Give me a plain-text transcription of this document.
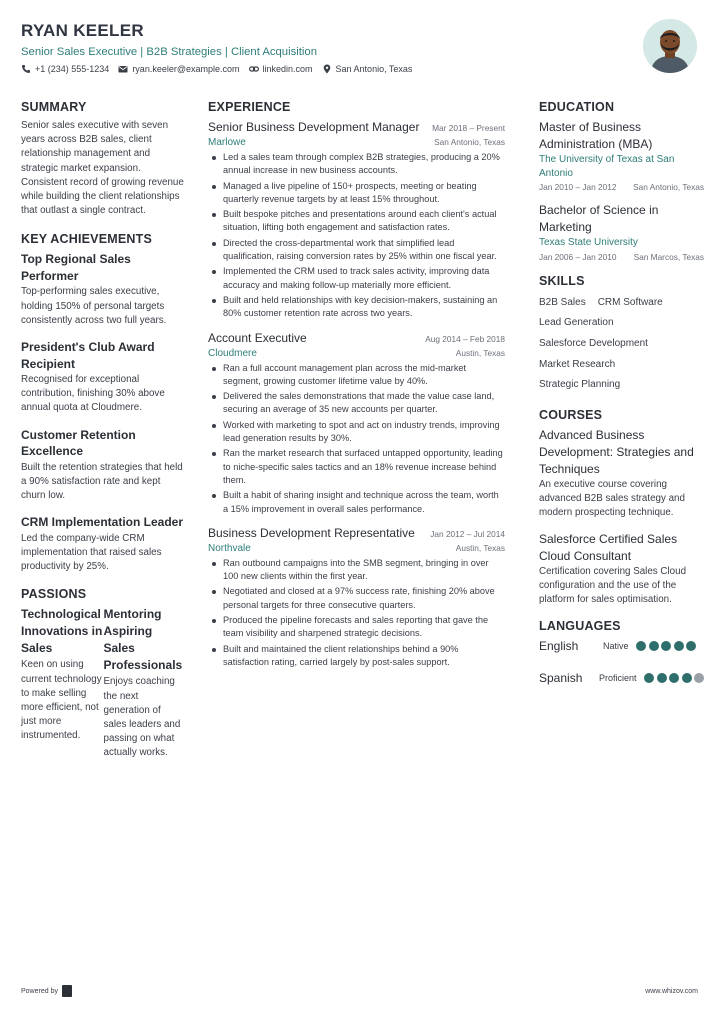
RYAN KEELER
Senior Sales Executive | B2B Strategies | Client Acquisition
+1 (234) 555-1234	ryan.keeler@example.com	linkedin.com	San Antonio, Texas
SUMMARY
Senior sales executive with seven years across B2B sales, client relationship management and strategic market expansion. Consistent record of growing revenue while building the client relationships that outlast a single contract.
KEY ACHIEVEMENTS
Top Regional Sales Performer
Top-performing sales executive, holding 150% of personal targets consistently across two full years.
President's Club Award Recipient
Recognised for exceptional contribution, finishing 30% above annual quota at Cloudmere.
Customer Retention Excellence
Built the retention strategies that held a 90% satisfaction rate and kept churn low.
CRM Implementation Leader
Led the company-wide CRM implementation that raised sales productivity by 25%.
PASSIONS
Technological Innovations in Sales
Keen on using current technology to make selling more efficient, not just more instrumented.
Mentoring Aspiring Sales Professionals
Enjoys coaching the next generation of sales leaders and passing on what actually works.
EXPERIENCE
Senior Business Development Manager Mar 2018 – Present
Marlowe	San Antonio, Texas
Led a sales team through complex B2B strategies, producing a 20% annual increase in new business accounts.
Managed a live pipeline of 150+ prospects, meeting or beating quarterly revenue targets by at least 15% throughout.
Built bespoke pitches and presentations around each client's actual situation, lifting both engagement and satisfaction rates.
Directed the cross-departmental work that simplified lead qualification, raising conversion rates by 25% within one fiscal year.
Implemented the CRM used to track sales activity, improving data accuracy and making follow-up materially more efficient.
Built and held relationships with key decision-makers, sustaining an 80% customer retention rate across two years.
Account Executive	Aug 2014 – Feb 2018
Cloudmere	Austin, Texas
Ran a full account management plan across the mid-market segment, growing customer lifetime value by 40%.
Delivered the sales demonstrations that made the value case land, securing an average of 35 new accounts per quarter.
Worked with marketing to spot and act on industry trends, improving lead generation results by 30%.
Ran the market research that surfaced untapped opportunity, leading to niche-specific sales tactics and an 18% revenue increase behind them.
Built a habit of sharing insight and technique across the team, worth a 15% improvement in overall sales performance.
Business Development Representative Jan 2012 – Jul 2014
Northvale	Austin, Texas
Ran outbound campaigns into the SMB segment, bringing in over 100 new clients within the first year.
Negotiated and closed at a 97% success rate, finishing 20% above personal targets for three consecutive quarters.
Produced the pipeline forecasts and sales reporting that gave the team visibility and sharpened strategic decisions.
Built and maintained the client relationships behind a 90% satisfaction rating, carried largely by post-sales support.
EDUCATION
Master of Business Administration (MBA)
The University of Texas at San Antonio
Jan 2010 – Jan 2012 San Antonio, Texas
Bachelor of Science in Marketing
Texas State University
Jan 2006 – Jan 2010 San Marcos, Texas
SKILLS
B2B Sales CRM Software
Lead Generation
Salesforce Development
Market Research
Strategic Planning
COURSES
Advanced Business Development: Strategies and Techniques
An executive course covering advanced B2B sales strategy and modern prospecting technique.
Salesforce Certified Sales Cloud Consultant
Certification covering Sales Cloud configuration and the use of the platform for sales optimisation.
LANGUAGES
English	Native
Spanish	Proficient
Powered by	www.whizov.com
